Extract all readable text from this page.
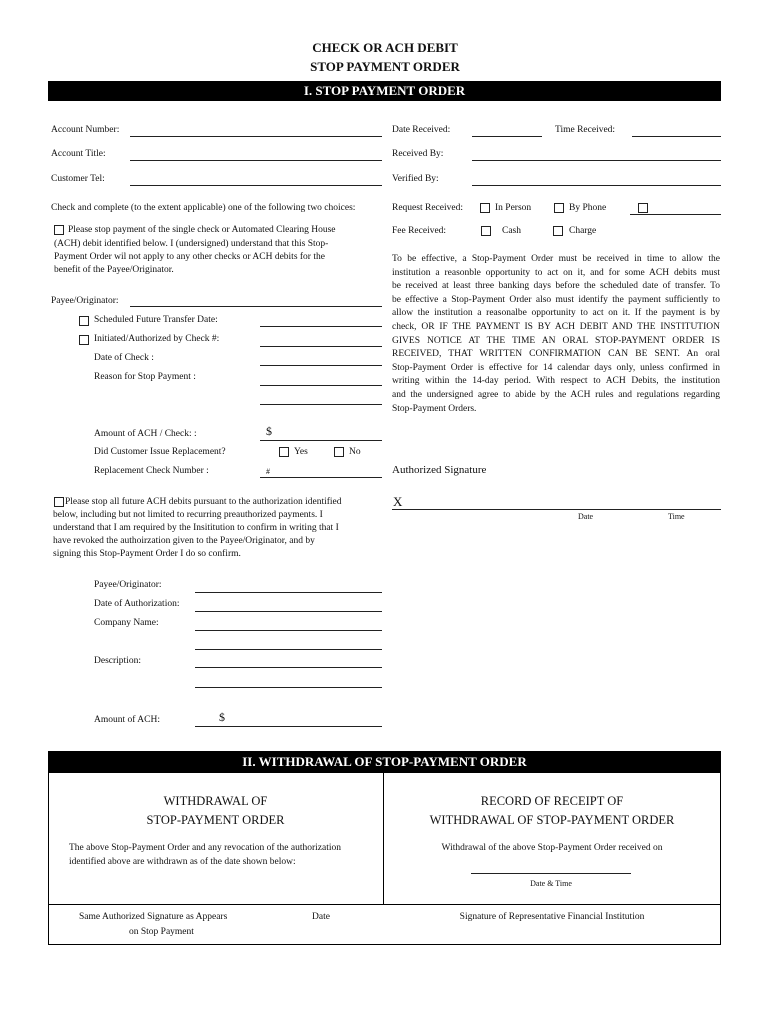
CHECK OR ACH DEBIT
STOP PAYMENT ORDER
I. STOP PAYMENT ORDER
Account Number:
Account Title:
Customer Tel:
Check and complete (to the extent applicable) one of the following two choices:
Please stop payment of the single check or Automated Clearing House
(ACH) debit identified below. I (undersigned) understand that this Stop-
Payment Order wil not apply to any other checks or ACH debits for the
benefit of the Payee/Originator.
Payee/Originator:
Scheduled Future Transfer Date:
Initiated/Authorized by Check #:
Date of Check :
Reason for Stop Payment :
Amount of ACH / Check: :	$
Did Customer Issue Replacement?	Yes	No
Replacement Check Number :	#
Please stop all future ACH debits pursuant to the authorization identified
below, including but not limited to recurring preauthorized payments. I
understand that I am required by the Insititution to confirm in writing that I
have revoked the authoirzation given to the Payee/Originator, and by
signing this Stop-Payment Order I do so confirm.
Payee/Originator:
Date of Authorization:
Company Name:
Description:
Amount of ACH:	$
Date Received:	Time Received:
Received By:
Verified By:
Request Received:	In Person	By Phone
Fee Received:	Cash	Charge
To be effective, a Stop-Payment Order must be received in time to allow the
institution a reasonble opportunity to act on it, and for some ACH debits must
be received at least three banking days before the scheduled date of transfer. To
be effective a Stop-Payment Order also must identify the payment sufficiently to
allow the institution a reasonalbe opportunity to act on it. If the payment is by
check, OR IF THE PAYMENT IS BY ACH DEBIT AND THE INSTITUTION
GIVES NOTICE AT THE TIME AN ORAL STOP-PAYMENT ORDER IS
RECEIVED, THAT WRITTEN CONFIRMATION CAN BE SENT. An oral
Stop-Payment Order is effective for 14 calendar days only, unless confirmed in
writing within the 14-day period. With respect to ACH Debits, the institution
and the undersigned agree to abide by the ACH rules and regulations regarding
Stop-Payment Orders.
Authorized Signature
X
Date	Time
II. WITHDRAWAL OF STOP-PAYMENT ORDER
WITHDRAWAL OF
STOP-PAYMENT ORDER
The above Stop-Payment Order and any revocation of the authorization
identified above are withdrawn as of the date shown below:
RECORD OF RECEIPT OF
WITHDRAWAL OF STOP-PAYMENT ORDER
Withdrawal of the above Stop-Payment Order received on
Date & Time
Same Authorized Signature as Appears
on Stop Payment
Date	Signature of Representative Financial Institution
